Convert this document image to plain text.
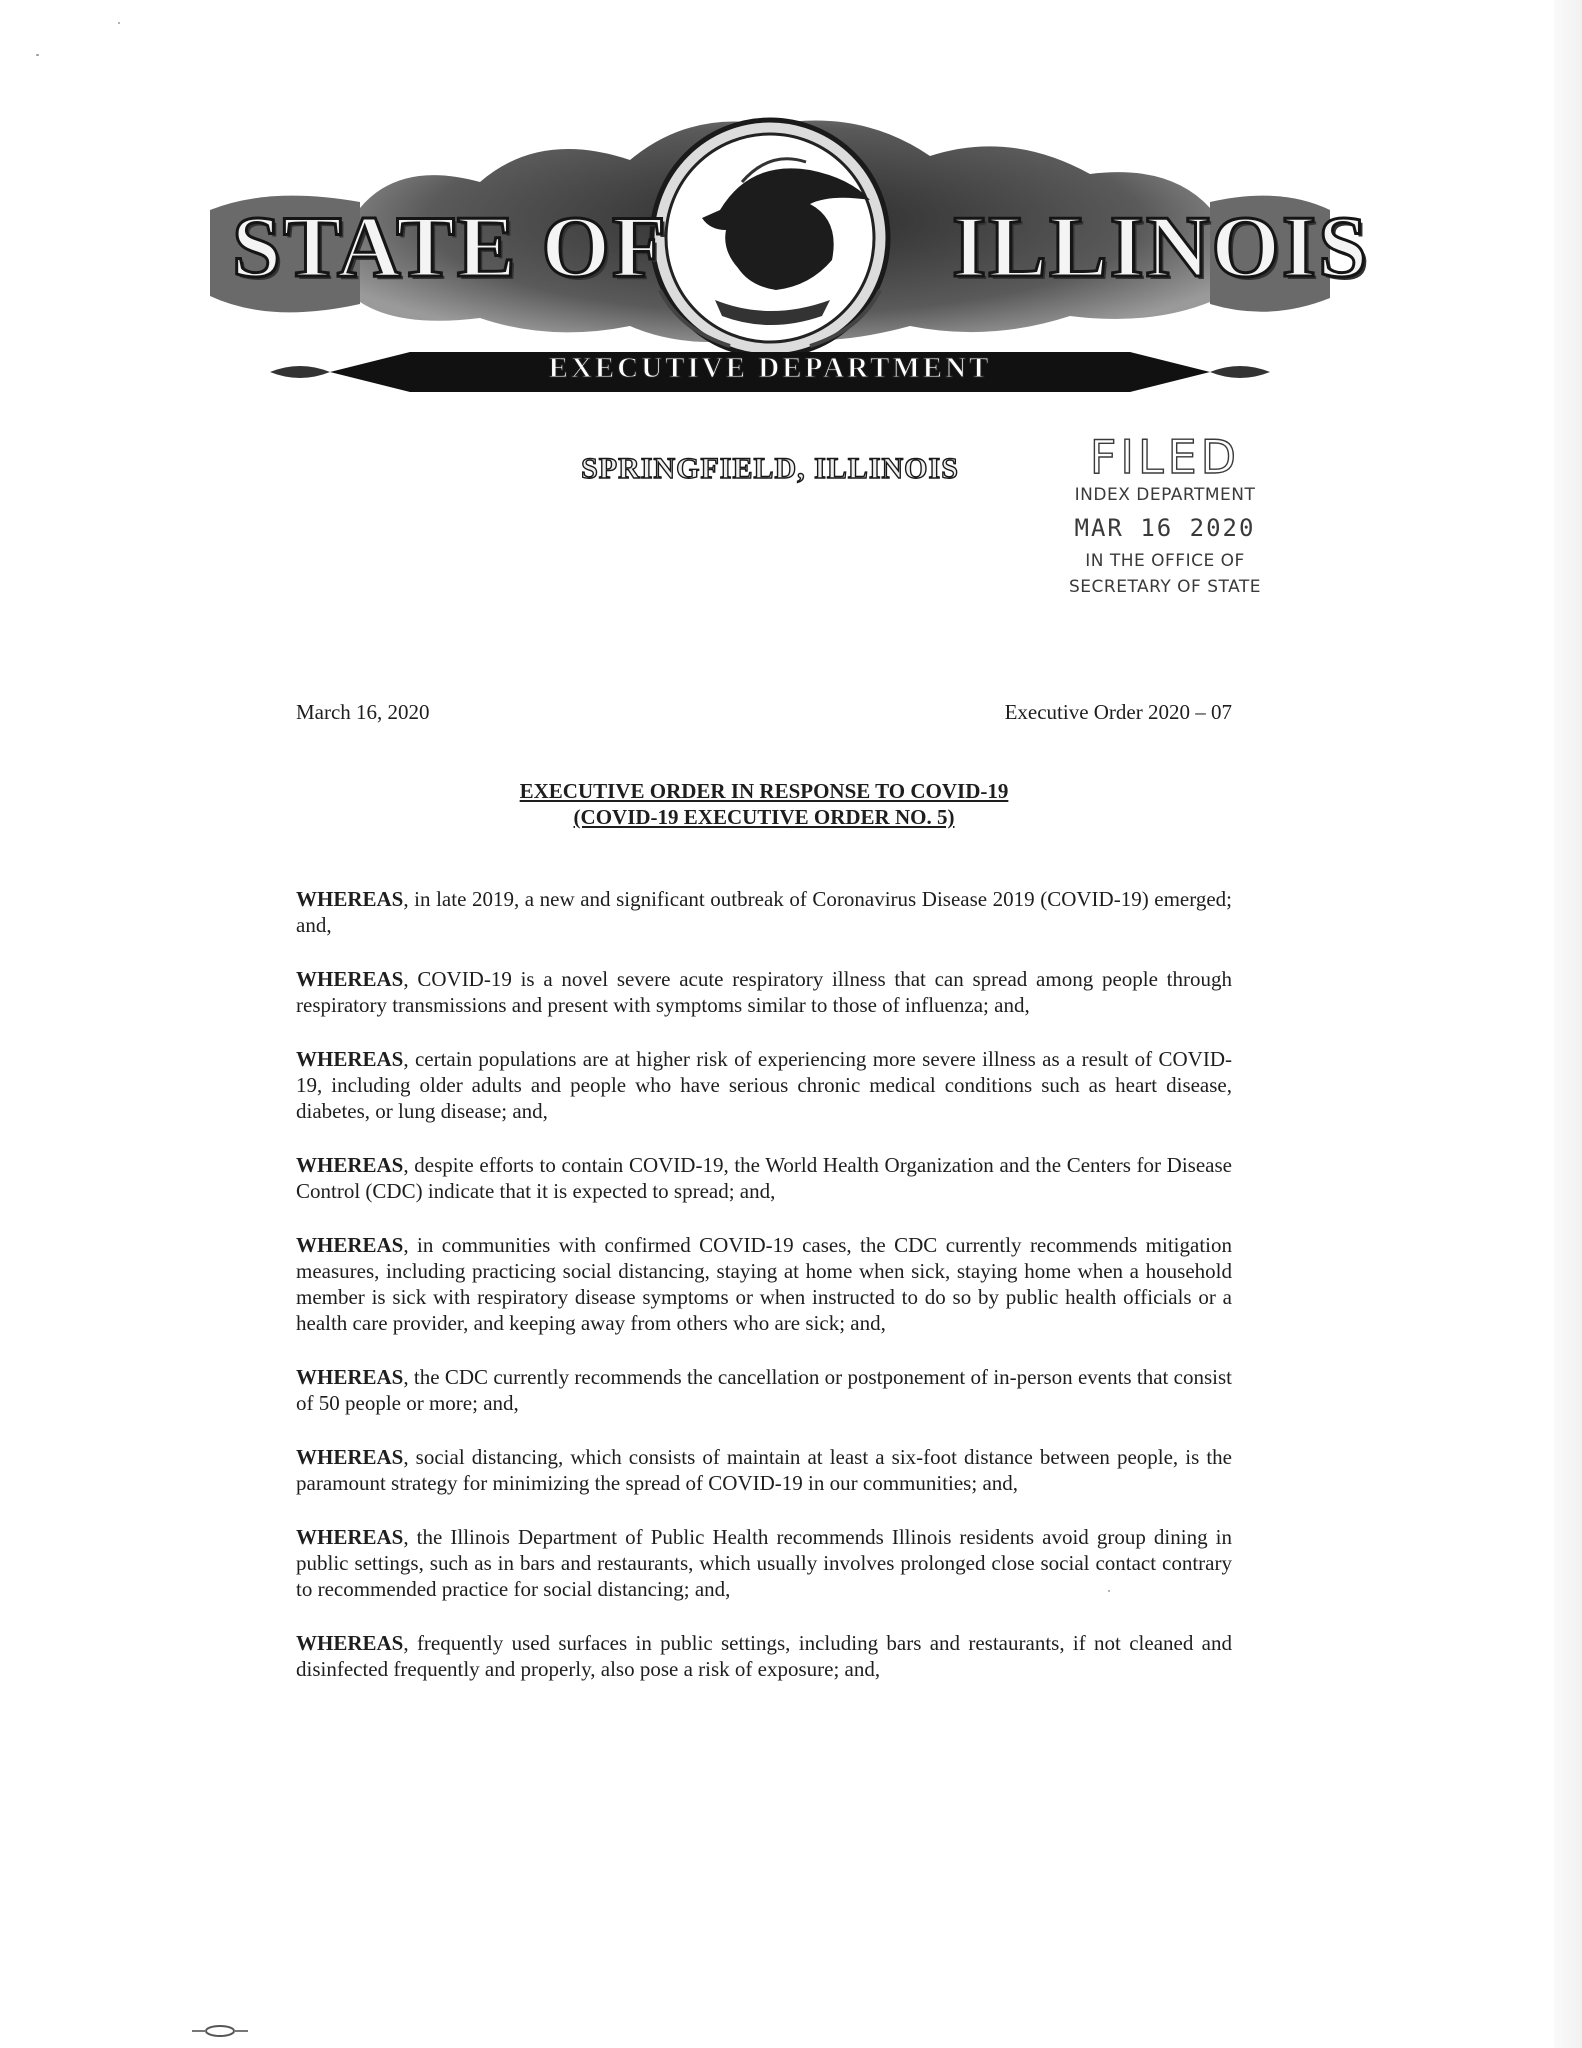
STATE OF	ILLINOIS
EXECUTIVE DEPARTMENT
SPRINGFIELD, ILLINOIS	FILED
INDEX DEPARTMENT
MAR 16 2020
IN THE OFFICE OF
SECRETARY OF STATE
March 16, 2020	Executive Order 2020 – 07
EXECUTIVE ORDER IN RESPONSE TO COVID-19
(COVID-19 EXECUTIVE ORDER NO. 5)

WHEREAS, in late 2019, a new and significant outbreak of Coronavirus Disease 2019 (COVID-19) emerged; and,

WHEREAS, COVID-19 is a novel severe acute respiratory illness that can spread among people through respiratory transmissions and present with symptoms similar to those of influenza; and,

WHEREAS, certain populations are at higher risk of experiencing more severe illness as a result of COVID-19, including older adults and people who have serious chronic medical conditions such as heart disease, diabetes, or lung disease; and,

WHEREAS, despite efforts to contain COVID-19, the World Health Organization and the Centers for Disease Control (CDC) indicate that it is expected to spread; and,

WHEREAS, in communities with confirmed COVID-19 cases, the CDC currently recommends mitigation measures, including practicing social distancing, staying at home when sick, staying home when a household member is sick with respiratory disease symptoms or when instructed to do so by public health officials or a health care provider, and keeping away from others who are sick; and,

WHEREAS, the CDC currently recommends the cancellation or postponement of in-person events that consist of 50 people or more; and,

WHEREAS, social distancing, which consists of maintain at least a six-foot distance between people, is the paramount strategy for minimizing the spread of COVID-19 in our communities; and,

WHEREAS, the Illinois Department of Public Health recommends Illinois residents avoid group dining in public settings, such as in bars and restaurants, which usually involves prolonged close social contact contrary to recommended practice for social distancing; and,

WHEREAS, frequently used surfaces in public settings, including bars and restaurants, if not cleaned and disinfected frequently and properly, also pose a risk of exposure; and,
